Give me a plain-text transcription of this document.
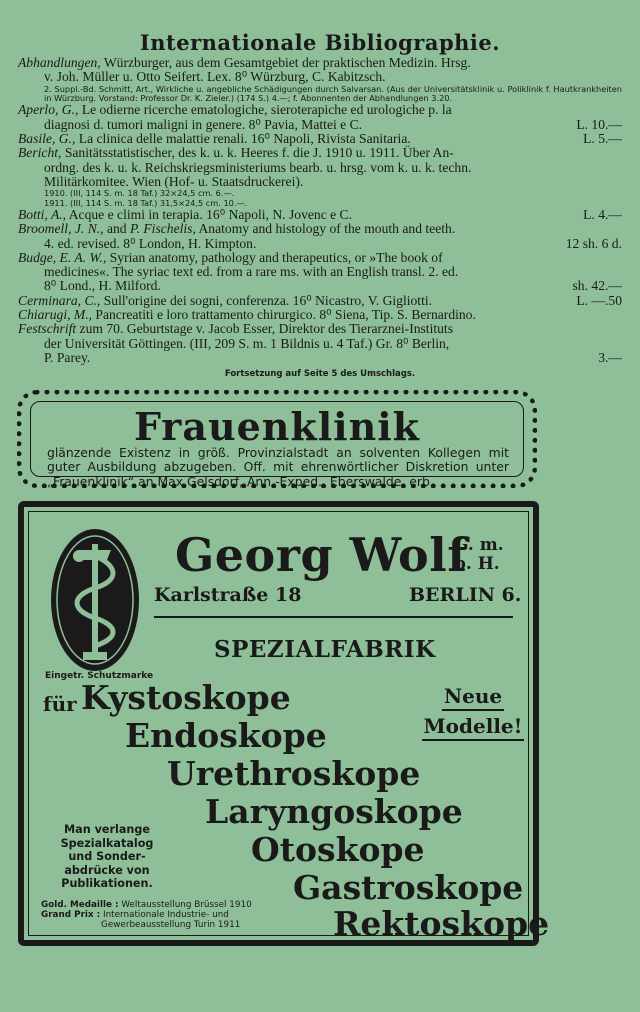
Internationale Bibliographie.
Abhandlungen, Würzburger, aus dem Gesamtgebiet der praktischen Medizin. Hrsg.
v. Joh. Müller u. Otto Seifert. Lex. 8⁰ Würzburg, C. Kabitzsch.
2. Suppl.-Bd. Schmitt, Art., Wirkliche u. angebliche Schädigungen durch Salvarsan. (Aus der Universitätsklinik u. Poliklinik f. Hautkrankheiten in Würzburg. Vorstand: Professor Dr. K. Zieler.) (174 S.) 4.—; f. Abonnenten der Abhandlungen 3.20.
Aperlo, G., Le odierne ricerche ematologiche, sieroterapiche ed urologiche p. la
diagnosi d. tumori maligni in genere. 8⁰ Pavia, Mattei e C.	L. 10.—
Basile, G., La clinica delle malattie renali. 16⁰ Napoli, Rivista Sanitaria.	L. 5.—
Bericht, Sanitätsstatistischer, des k. u. k. Heeres f. die J. 1910 u. 1911. Über An-
ordng. des k. u. k. Reichskriegsministeriums bearb. u. hrsg. vom k. u. k. techn.
Militärkomitee. Wien (Hof- u. Staatsdruckerei).
1910. (III, 114 S. m. 18 Taf.) 32×24,5 cm. 6.—.
1911. (III, 114 S. m. 18 Taf.) 31,5×24,5 cm. 10.—.
Botti, A., Acque e climi in terapia. 16⁰ Napoli, N. Jovenc e C.	L. 4.—
Broomell, J. N., and P. Fischelis, Anatomy and histology of the mouth and teeth.
4. ed. revised. 8⁰ London, H. Kimpton.	12 sh. 6 d.
Budge, E. A. W., Syrian anatomy, pathology and therapeutics, or »The book of
medicines«. The syriac text ed. from a rare ms. with an English transl. 2. ed.
8⁰ Lond., H. Milford.	sh. 42.—
Cerminara, C., Sull'origine dei sogni, conferenza. 16⁰ Nicastro, V. Gigliotti.	L. —.50
Chiarugi, M., Pancreatiti e loro trattamento chirurgico. 8⁰ Siena, Tip. S. Bernardino.
Festschrift zum 70. Geburtstage v. Jacob Esser, Direktor des Tierarznei-Instituts
der Universität Göttingen. (III, 209 S. m. 1 Bildnis u. 4 Taf.) Gr. 8⁰ Berlin,
P. Parey.	3.—
Fortsetzung auf Seite 5 des Umschlags.
Frauenklinik
glänzende Existenz in größ. Provinzialstadt an solventen Kollegen mit guter Ausbildung abzugeben. Off. mit ehrenwörtlicher Diskretion unter „Frauenklinik“ an Max Gelsdorf, Ann.-Exped., Eberswalde, erb.
Eingetr. Schutzmarke
Georg Wolf
G. m.
b. H.
Karlstraße 18	BERLIN 6.
SPEZIALFABRIK
für Kystoskope
Endoskope
Urethroskope
Laryngoskope
Otoskope
Gastroskope
Rektoskope
Neue
Modelle!
Man verlange
Spezialkatalog
und Sonder-
abdrücke von
Publikationen.
Gold. Medaille : Weltausstellung Brüssel 1910
Grand Prix : Internationale Industrie- und
Gewerbeausstellung Turin 1911
